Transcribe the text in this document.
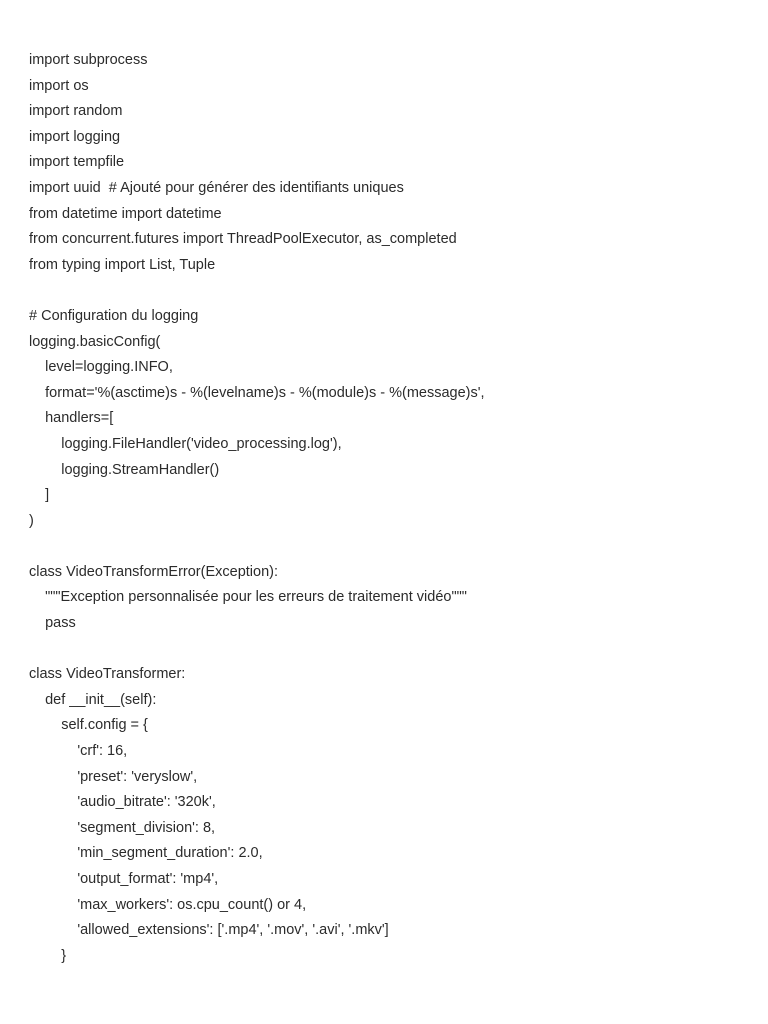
import subprocess
import os
import random
import logging
import tempfile
import uuid  # Ajouté pour générer des identifiants uniques
from datetime import datetime
from concurrent.futures import ThreadPoolExecutor, as_completed
from typing import List, Tuple
# Configuration du logging
logging.basicConfig(
level=logging.INFO,
format='%(asctime)s - %(levelname)s - %(module)s - %(message)s',
handlers=[
logging.FileHandler('video_processing.log'),
logging.StreamHandler()
]
)
class VideoTransformError(Exception):
"""Exception personnalisée pour les erreurs de traitement vidéo"""
pass
class VideoTransformer:
def __init__(self):
self.config = {
'crf': 16,
'preset': 'veryslow',
'audio_bitrate': '320k',
'segment_division': 8,
'min_segment_duration': 2.0,
'output_format': 'mp4',
'max_workers': os.cpu_count() or 4,
'allowed_extensions': ['.mp4', '.mov', '.avi', '.mkv']
}
